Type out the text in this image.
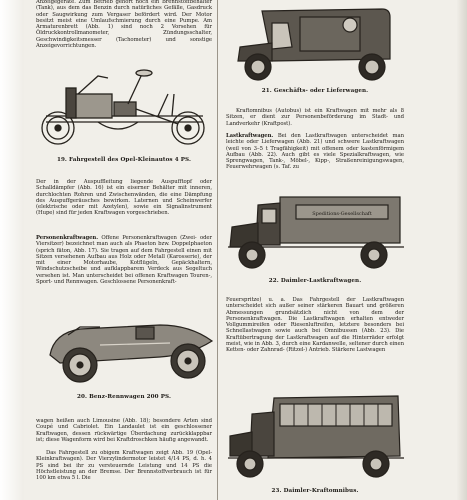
Anzeigegeräte. Zum Betrieb gehört noch ein Brennstoffbehälter (Tank), aus dem das Benzin durch natürliches Gefälle, Gasdruck oder Saugwirkung zum Vergaser befördert wird. Der Motor besitzt meist eine Umlaufschmierung durch eine Pumpe. Am Armaturenbrett (Abb. 1) sind noch 2 Vorsehen für Öldruckkontrollmanometer, Zündungsschalter, Geschwindigkeitsmesser (Tachometer) und sonstige Anzeigevorrichtungen.

19. Fahrgestell des Opel-Kleinautos 4 PS.

Der in der Auspuffleitung liegende Auspufftopf oder Schalldämpfer (Abb. 16) ist ein eiserner Behälter mit inneren, durchlochten Rohren und Zwischenwänden, die eine Dämpfung des Auspuffgeräusches bewirken. Laternen und Scheinwerfer (elektrische oder mit Azetylen), sowie ein Signalinstrument (Hupe) sind für jeden Kraftwagen vorgeschrieben.

Personenkraftwagen. Offene Personenkraftwagen (Zwei- oder Viersitzer) bezeichnet man auch als Phaeton bzw. Doppelphaeton (sprich fäton, Abb. 17). Sie tragen auf dem Fahrgestell einen mit Sitzen versehenen Aufbau aus Holz oder Metall (Karosserie), der mit einer Motorhaube, Kotflügeln, Gepäckhaltern, Windschutzscheibe und aufklappbarem Verdeck aus Segeltuch versehen ist. Man unterscheidet bei offenen Kraftwagen Touren-, Sport- und Rennwagen. Geschlossene Personenkraft-

20. Benz-Rennwagen 200 PS.

wagen heißen auch Limousine (Abb. 18); besondere Arten sind Coupé und Cabriolet. Ein Landaulet ist ein geschlossener Kraftwagen, dessen rückwärtige Überdachung zurückklappbar ist; diese Wagenform wird bei Kraftdroschken häufig angewandt.

Das Fahrgestell zu obigem Kraftwagen zeigt Abb. 19 (Opel-Kleinkraftwagen). Der Vierzylindermotor leistet 4/14 PS, d. h. 4 PS sind bei ihr zu versteuernde Leistung und 14 PS die Höchstleistung an der Bremse. Der Brennstoffverbrauch ist für 100 km etwa 5 l. Die

21. Geschäfts- oder Lieferwagen.

Kraftomnibus (Autobus) ist ein Kraftwagen mit mehr als 8 Sitzen, er dient zur Personenbeförderung im Stadt- und Landverkehr (Kraftpost).

Lastkraftwagen. Bei den Lastkraftwagen unterscheidet man leichte oder Lieferwagen (Abb. 21) und schwere Lastkraftwagen (weil von 3–5 t Tragfähigkeit) mit offenem oder kastenförmigem Aufbau (Abb. 22). Auch gibt es viele Spezialkraftwagen, wie Sprengwagen, Tank-, Möbel-, Kipp-, Straßenreinigungswagen, Feuerwehrwagen (s. Taf. zu

Speditions-Gesellschaft
22. Daimler-Lastkraftwagen.

Feuerspritze) u. a. Das Fahrgestell der Lastkraftwagen unterscheidet sich außer seiner stärkeren Bauart und größeren Abmessungen grundsätzlich nicht von dem der Personenkraftwagen. Die Lastkraftwagen erhalten entweder Vollgummireifen oder Riesenluftreifen, letztere besonders bei Schnellastwagen sowie auch bei Omnibussen (Abb. 23). Die Kraftübertragung der Lastkraftwagen auf die Hinterräder erfolgt meist, wie in Abb. 3, durch eine Kardanwelle, seltener durch einen Ketten- oder Zahnrad- (Ritzel-) Antrieb. Stärkere Lastwagen

23. Daimler-Kraftomnibus.
